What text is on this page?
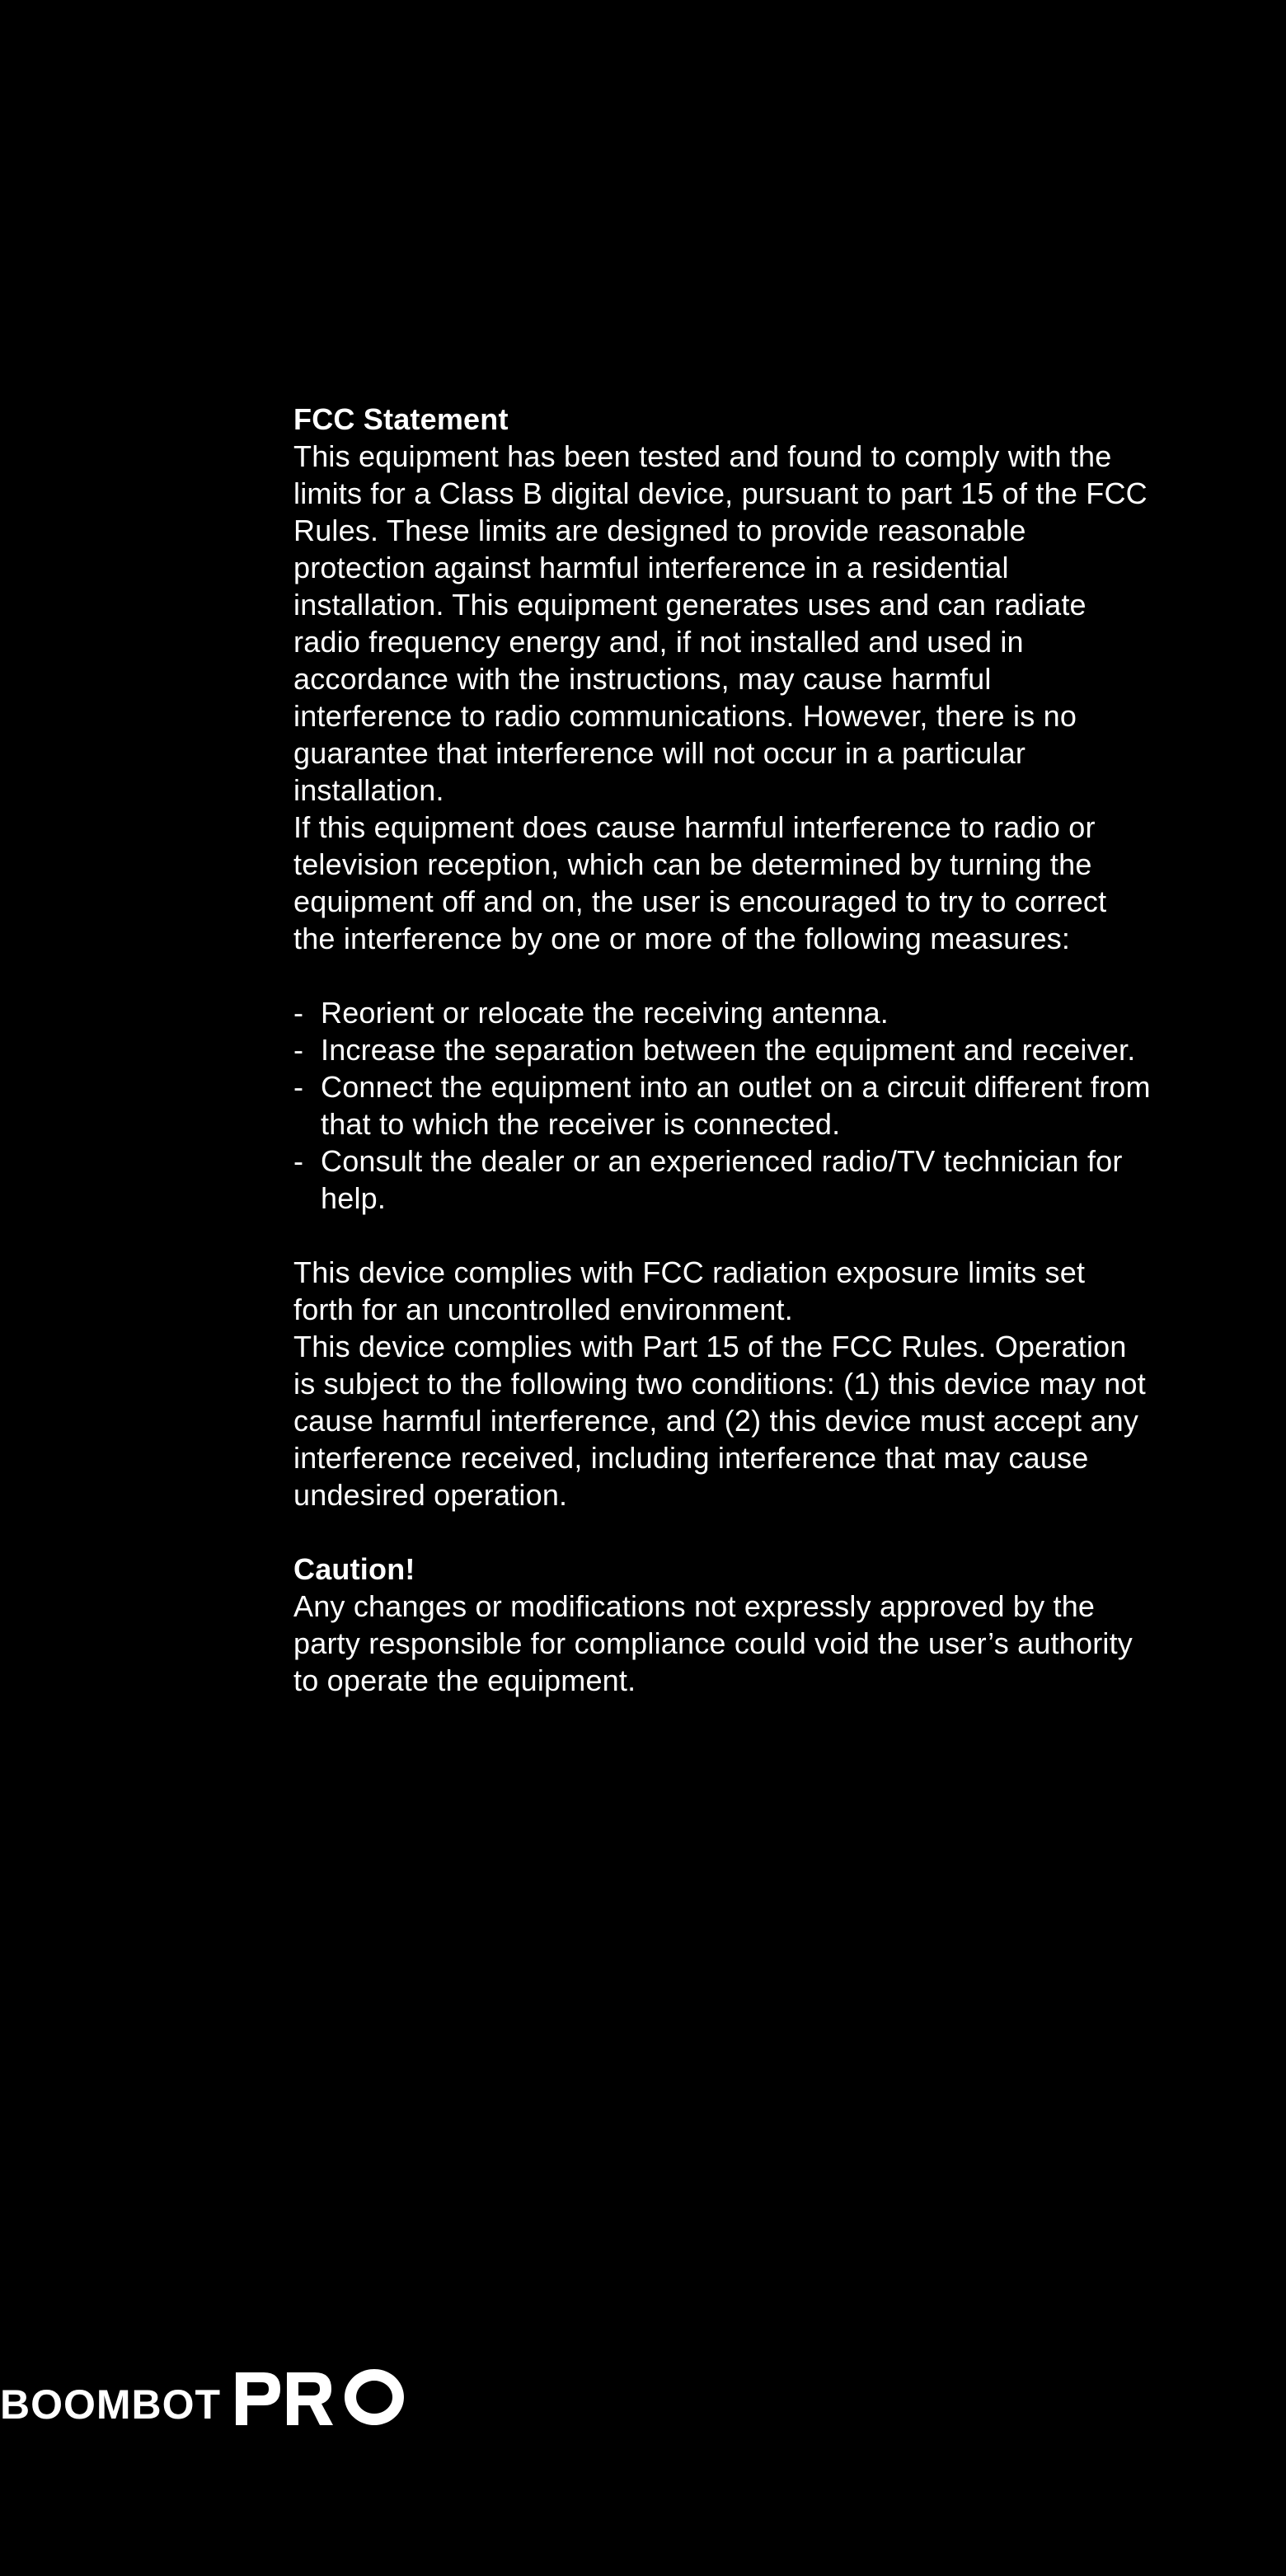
FCC Statement

This equipment has been tested and found to comply with the limits for a Class B digital device, pursuant to part 15 of the FCC Rules. These limits are designed to provide reasonable protection against harmful interference in a residential installation. This equipment generates uses and can radiate radio frequency energy and, if not installed and used in accordance with the instructions, may cause harmful interference to radio communications. However, there is no guarantee that interference will not occur in a particular installation.

If this equipment does cause harmful interference to radio or television reception, which can be determined by turning the equipment off and on, the user is encouraged to try to correct the interference by one or more of the following measures:

- Reorient or relocate the receiving antenna.
- Increase the separation between the equipment and receiver.
- Connect the equipment into an outlet on a circuit different from that to which the receiver is connected.
- Consult the dealer or an experienced radio/TV technician for help.

This device complies with FCC radiation exposure limits set forth for an uncontrolled environment.

This device complies with Part 15 of the FCC Rules. Operation is subject to the following two conditions: (1) this device may not cause harmful interference, and (2) this device must accept any interference received, including interference that may cause undesired operation.

Caution!

Any changes or modifications not expressly approved by the party responsible for compliance could void the user’s authority to operate the equipment.

BOOMBOT
